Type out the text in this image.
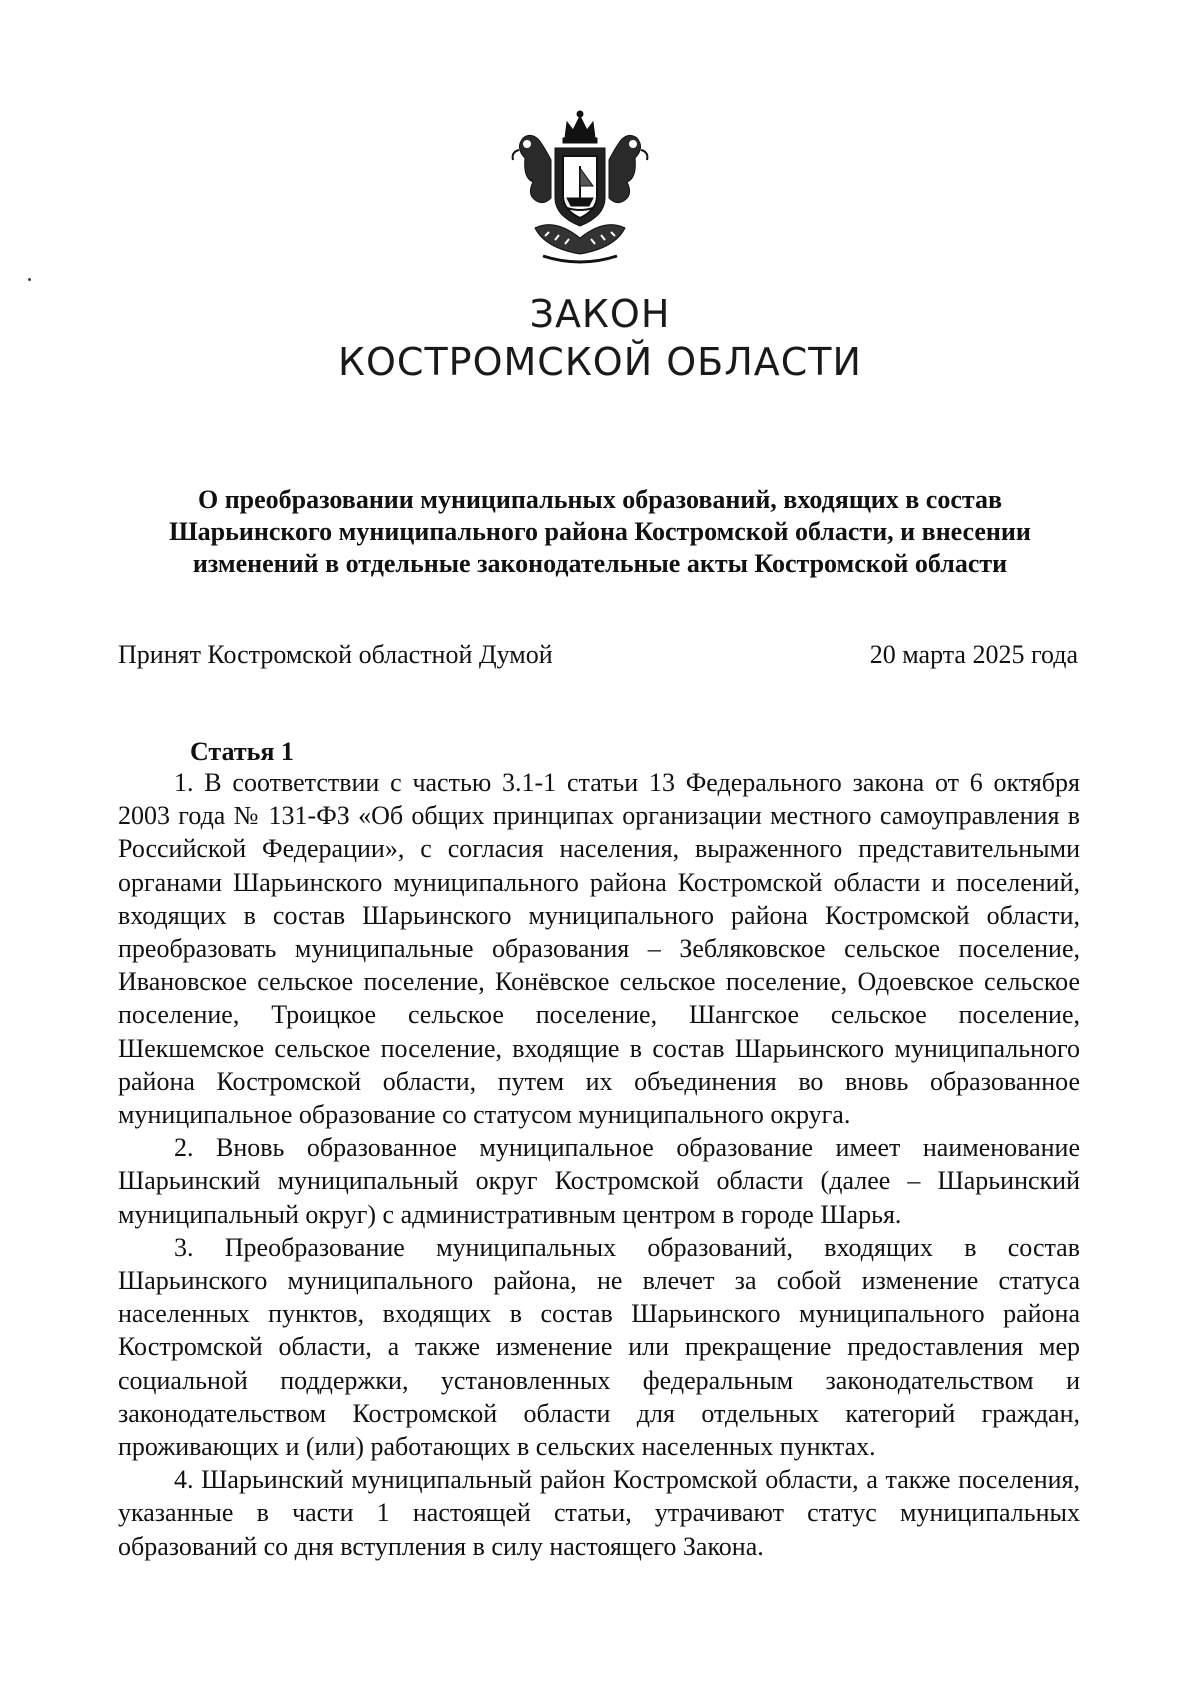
ЗАКОН
КОСТРОМСКОЙ ОБЛАСТИ
О преобразовании муниципальных образований, входящих в состав Шарьинского муниципального района Костромской области, и внесении изменений в отдельные законодательные акты Костромской области
Принят Костромской областной Думой	20 марта 2025 года
Статья 1

1. В соответствии с частью 3.1-1 статьи 13 Федерального закона от 6 октября 2003 года № 131-ФЗ «Об общих принципах организации местного самоуправления в Российской Федерации», с согласия населения, выраженного представительными органами Шарьинского муниципального района Костромской области и поселений, входящих в состав Шарьинского муниципального района Костромской области, преобразовать муниципальные образования – Зебляковское сельское поселение, Ивановское сельское поселение, Конёвское сельское поселение, Одоевское сельское поселение, Троицкое сельское поселение, Шангское сельское поселение, Шекшемское сельское поселение, входящие в состав Шарьинского муниципального района Костромской области, путем их объединения во вновь образованное муниципальное образование со статусом муниципального округа.

2. Вновь образованное муниципальное образование имеет наименование Шарьинский муниципальный округ Костромской области (далее – Шарьинский муниципальный округ) с административным центром в городе Шарья.

3. Преобразование муниципальных образований, входящих в состав Шарьинского муниципального района, не влечет за собой изменение статуса населенных пунктов, входящих в состав Шарьинского муниципального района Костромской области, а также изменение или прекращение предоставления мер социальной поддержки, установленных федеральным законодательством и законодательством Костромской области для отдельных категорий граждан, проживающих и (или) работающих в сельских населенных пунктах.

4. Шарьинский муниципальный район Костромской области, а также поселения, указанные в части 1 настоящей статьи, утрачивают статус муниципальных образований со дня вступления в силу настоящего Закона.
